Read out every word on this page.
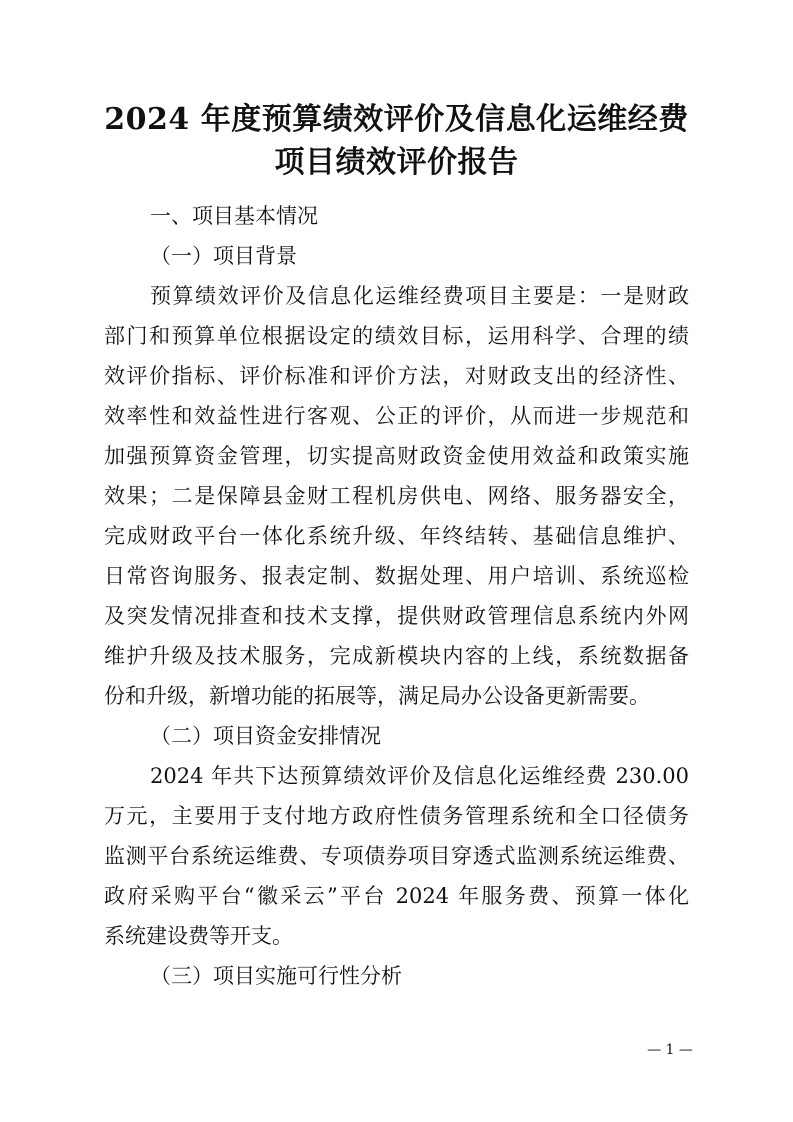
2024 年度预算绩效评价及信息化运维经费
项目绩效评价报告
一、项目基本情况
（一）项目背景
预算绩效评价及信息化运维经费项目主要是：一是财政
部门和预算单位根据设定的绩效目标，运用科学、合理的绩
效评价指标、评价标准和评价方法，对财政支出的经济性、
效率性和效益性进行客观、公正的评价，从而进一步规范和
加强预算资金管理，切实提高财政资金使用效益和政策实施
效果；二是保障县金财工程机房供电、网络、服务器安全，
完成财政平台一体化系统升级、年终结转、基础信息维护、
日常咨询服务、报表定制、数据处理、用户培训、系统巡检
及突发情况排查和技术支撑，提供财政管理信息系统内外网
维护升级及技术服务，完成新模块内容的上线，系统数据备
份和升级，新增功能的拓展等，满足局办公设备更新需要。
（二）项目资金安排情况
2024 年共下达预算绩效评价及信息化运维经费 230.00
万元，主要用于支付地方政府性债务管理系统和全口径债务
监测平台系统运维费、专项债券项目穿透式监测系统运维费、
政府采购平台“徽采云”平台 2024 年服务费、预算一体化
系统建设费等开支。
（三）项目实施可行性分析
— 1 —
